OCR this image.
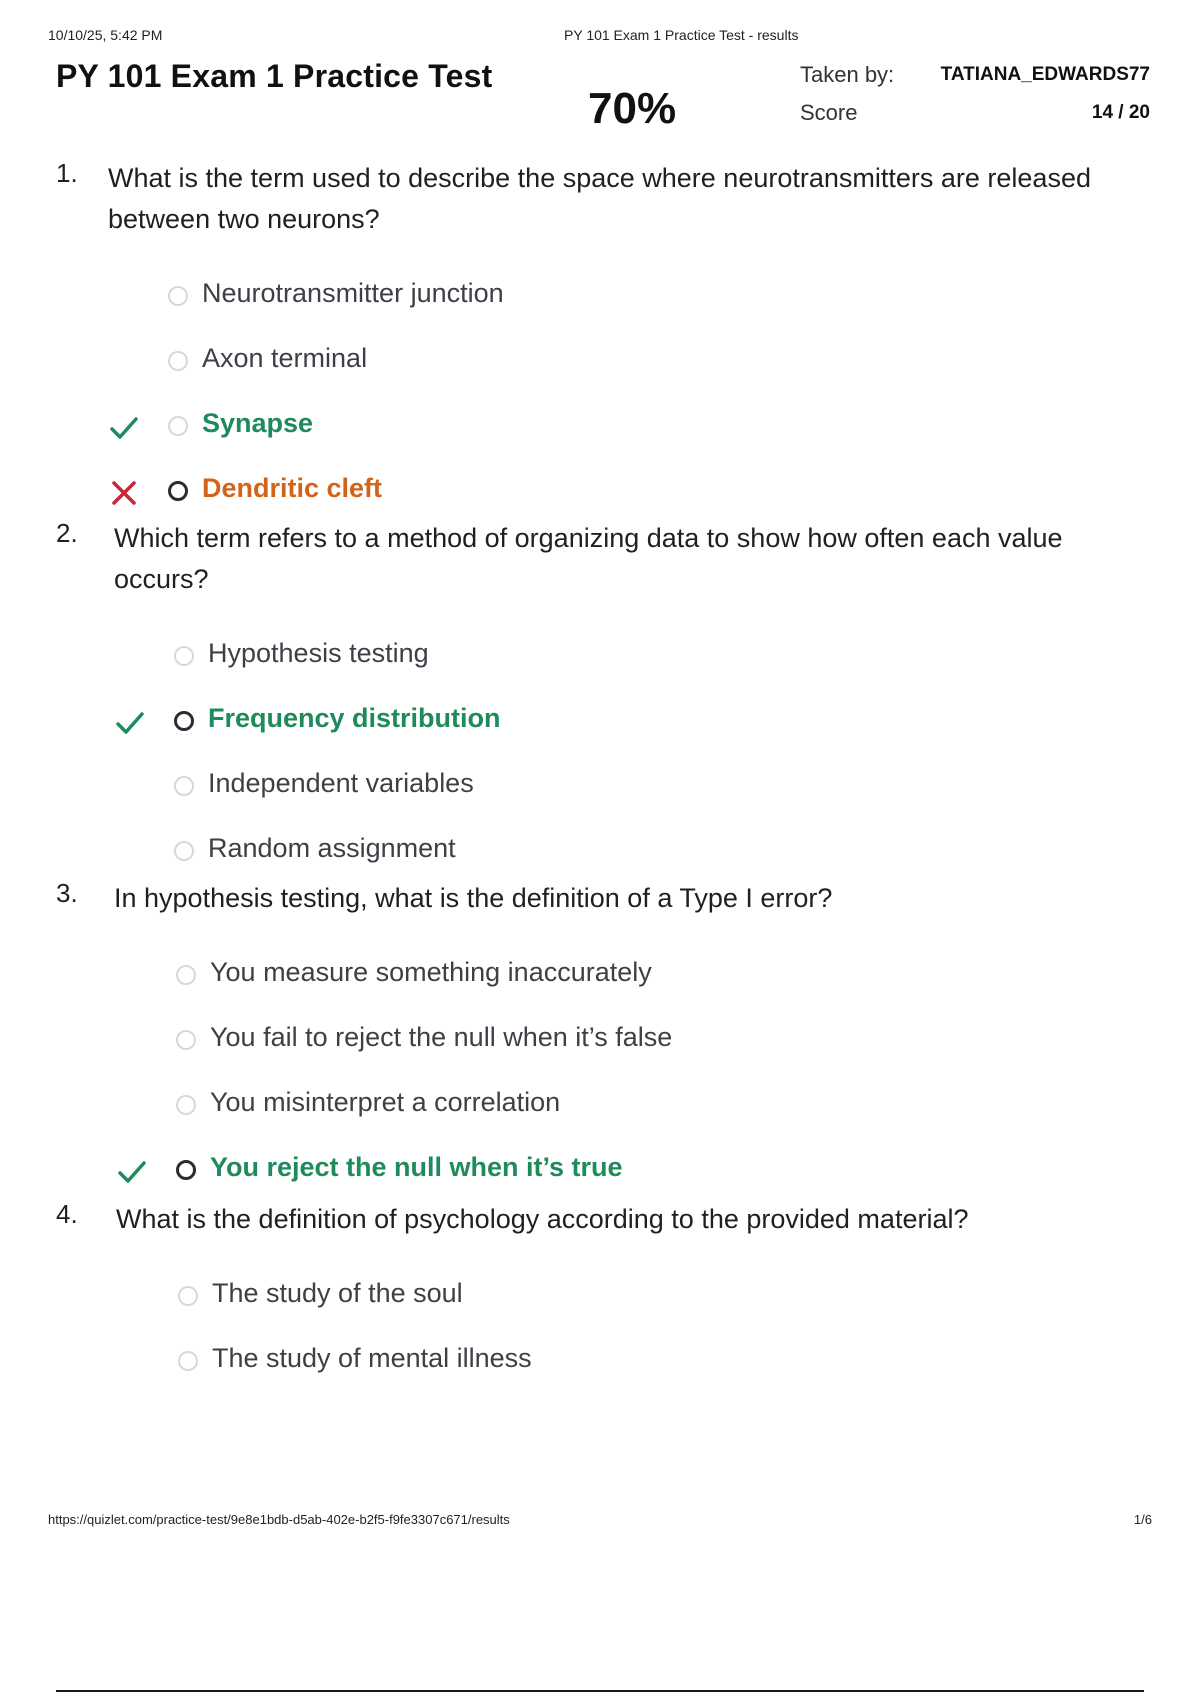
10/10/25, 5:42 PM	PY 101 Exam 1 Practice Test - results
PY 101 Exam 1 Practice Test
70%
Taken by: TATIANA_EDWARDS77
Score	14 / 20
1. What is the term used to describe the space where neurotransmitters are released between two neurons?

Neurotransmitter junction
Axon terminal
Synapse
Dendritic cleft
2. Which term refers to a method of organizing data to show how often each value occurs?

Hypothesis testing
Frequency distribution
Independent variables
Random assignment
3. In hypothesis testing, what is the definition of a Type I error?

You measure something inaccurately
You fail to reject the null when it’s false
You misinterpret a correlation
You reject the null when it’s true
4. What is the definition of psychology according to the provided material?

The study of the soul
The study of mental illness
https://quizlet.com/practice-test/9e8e1bdb-d5ab-402e-b2f5-f9fe3307c671/results	1/6
